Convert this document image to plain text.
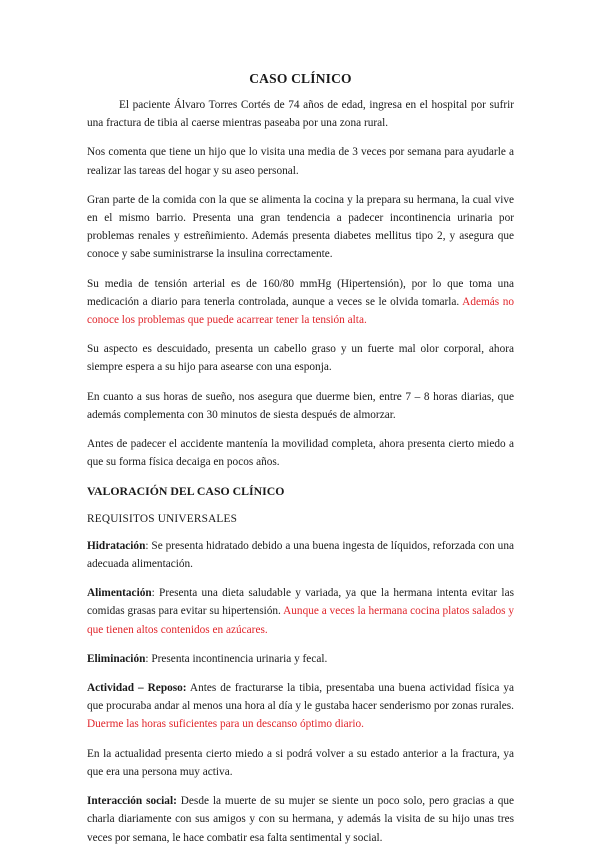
CASO CLÍNICO

El paciente Álvaro Torres Cortés de 74 años de edad, ingresa en el hospital por sufrir una fractura de tibia al caerse mientras paseaba por una zona rural.

Nos comenta que tiene un hijo que lo visita una media de 3 veces por semana para ayudarle a realizar las tareas del hogar y su aseo personal.

Gran parte de la comida con la que se alimenta la cocina y la prepara su hermana, la cual vive en el mismo barrio. Presenta una gran tendencia a padecer incontinencia urinaria por problemas renales y estreñimiento. Además presenta diabetes mellitus tipo 2, y asegura que conoce y sabe suministrarse la insulina correctamente.

Su media de tensión arterial es de 160/80 mmHg (Hipertensión), por lo que toma una medicación a diario para tenerla controlada, aunque a veces se le olvida tomarla. Además no conoce los problemas que puede acarrear tener la tensión alta.

Su aspecto es descuidado, presenta un cabello graso y un fuerte mal olor corporal, ahora siempre espera a su hijo para asearse con una esponja.

En cuanto a sus horas de sueño, nos asegura que duerme bien, entre 7 – 8 horas diarias, que además complementa con 30 minutos de siesta después de almorzar.

Antes de padecer el accidente mantenía la movilidad completa, ahora presenta cierto miedo a que su forma física decaiga en pocos años.

VALORACIÓN DEL CASO CLÍNICO
REQUISITOS UNIVERSALES

Hidratación: Se presenta hidratado debido a una buena ingesta de líquidos, reforzada con una adecuada alimentación.

Alimentación: Presenta una dieta saludable y variada, ya que la hermana intenta evitar las comidas grasas para evitar su hipertensión. Aunque a veces la hermana cocina platos salados y que tienen altos contenidos en azúcares.

Eliminación: Presenta incontinencia urinaria y fecal.

Actividad – Reposo: Antes de fracturarse la tibia, presentaba una buena actividad física ya que procuraba andar al menos una hora al día y le gustaba hacer senderismo por zonas rurales. Duerme las horas suficientes para un descanso óptimo diario.

En la actualidad presenta cierto miedo a si podrá volver a su estado anterior a la fractura, ya que era una persona muy activa.

Interacción social: Desde la muerte de su mujer se siente un poco solo, pero gracias a que charla diariamente con sus amigos y con su hermana, y además la visita de su hijo unas tres veces por semana, le hace combatir esa falta sentimental y social.
